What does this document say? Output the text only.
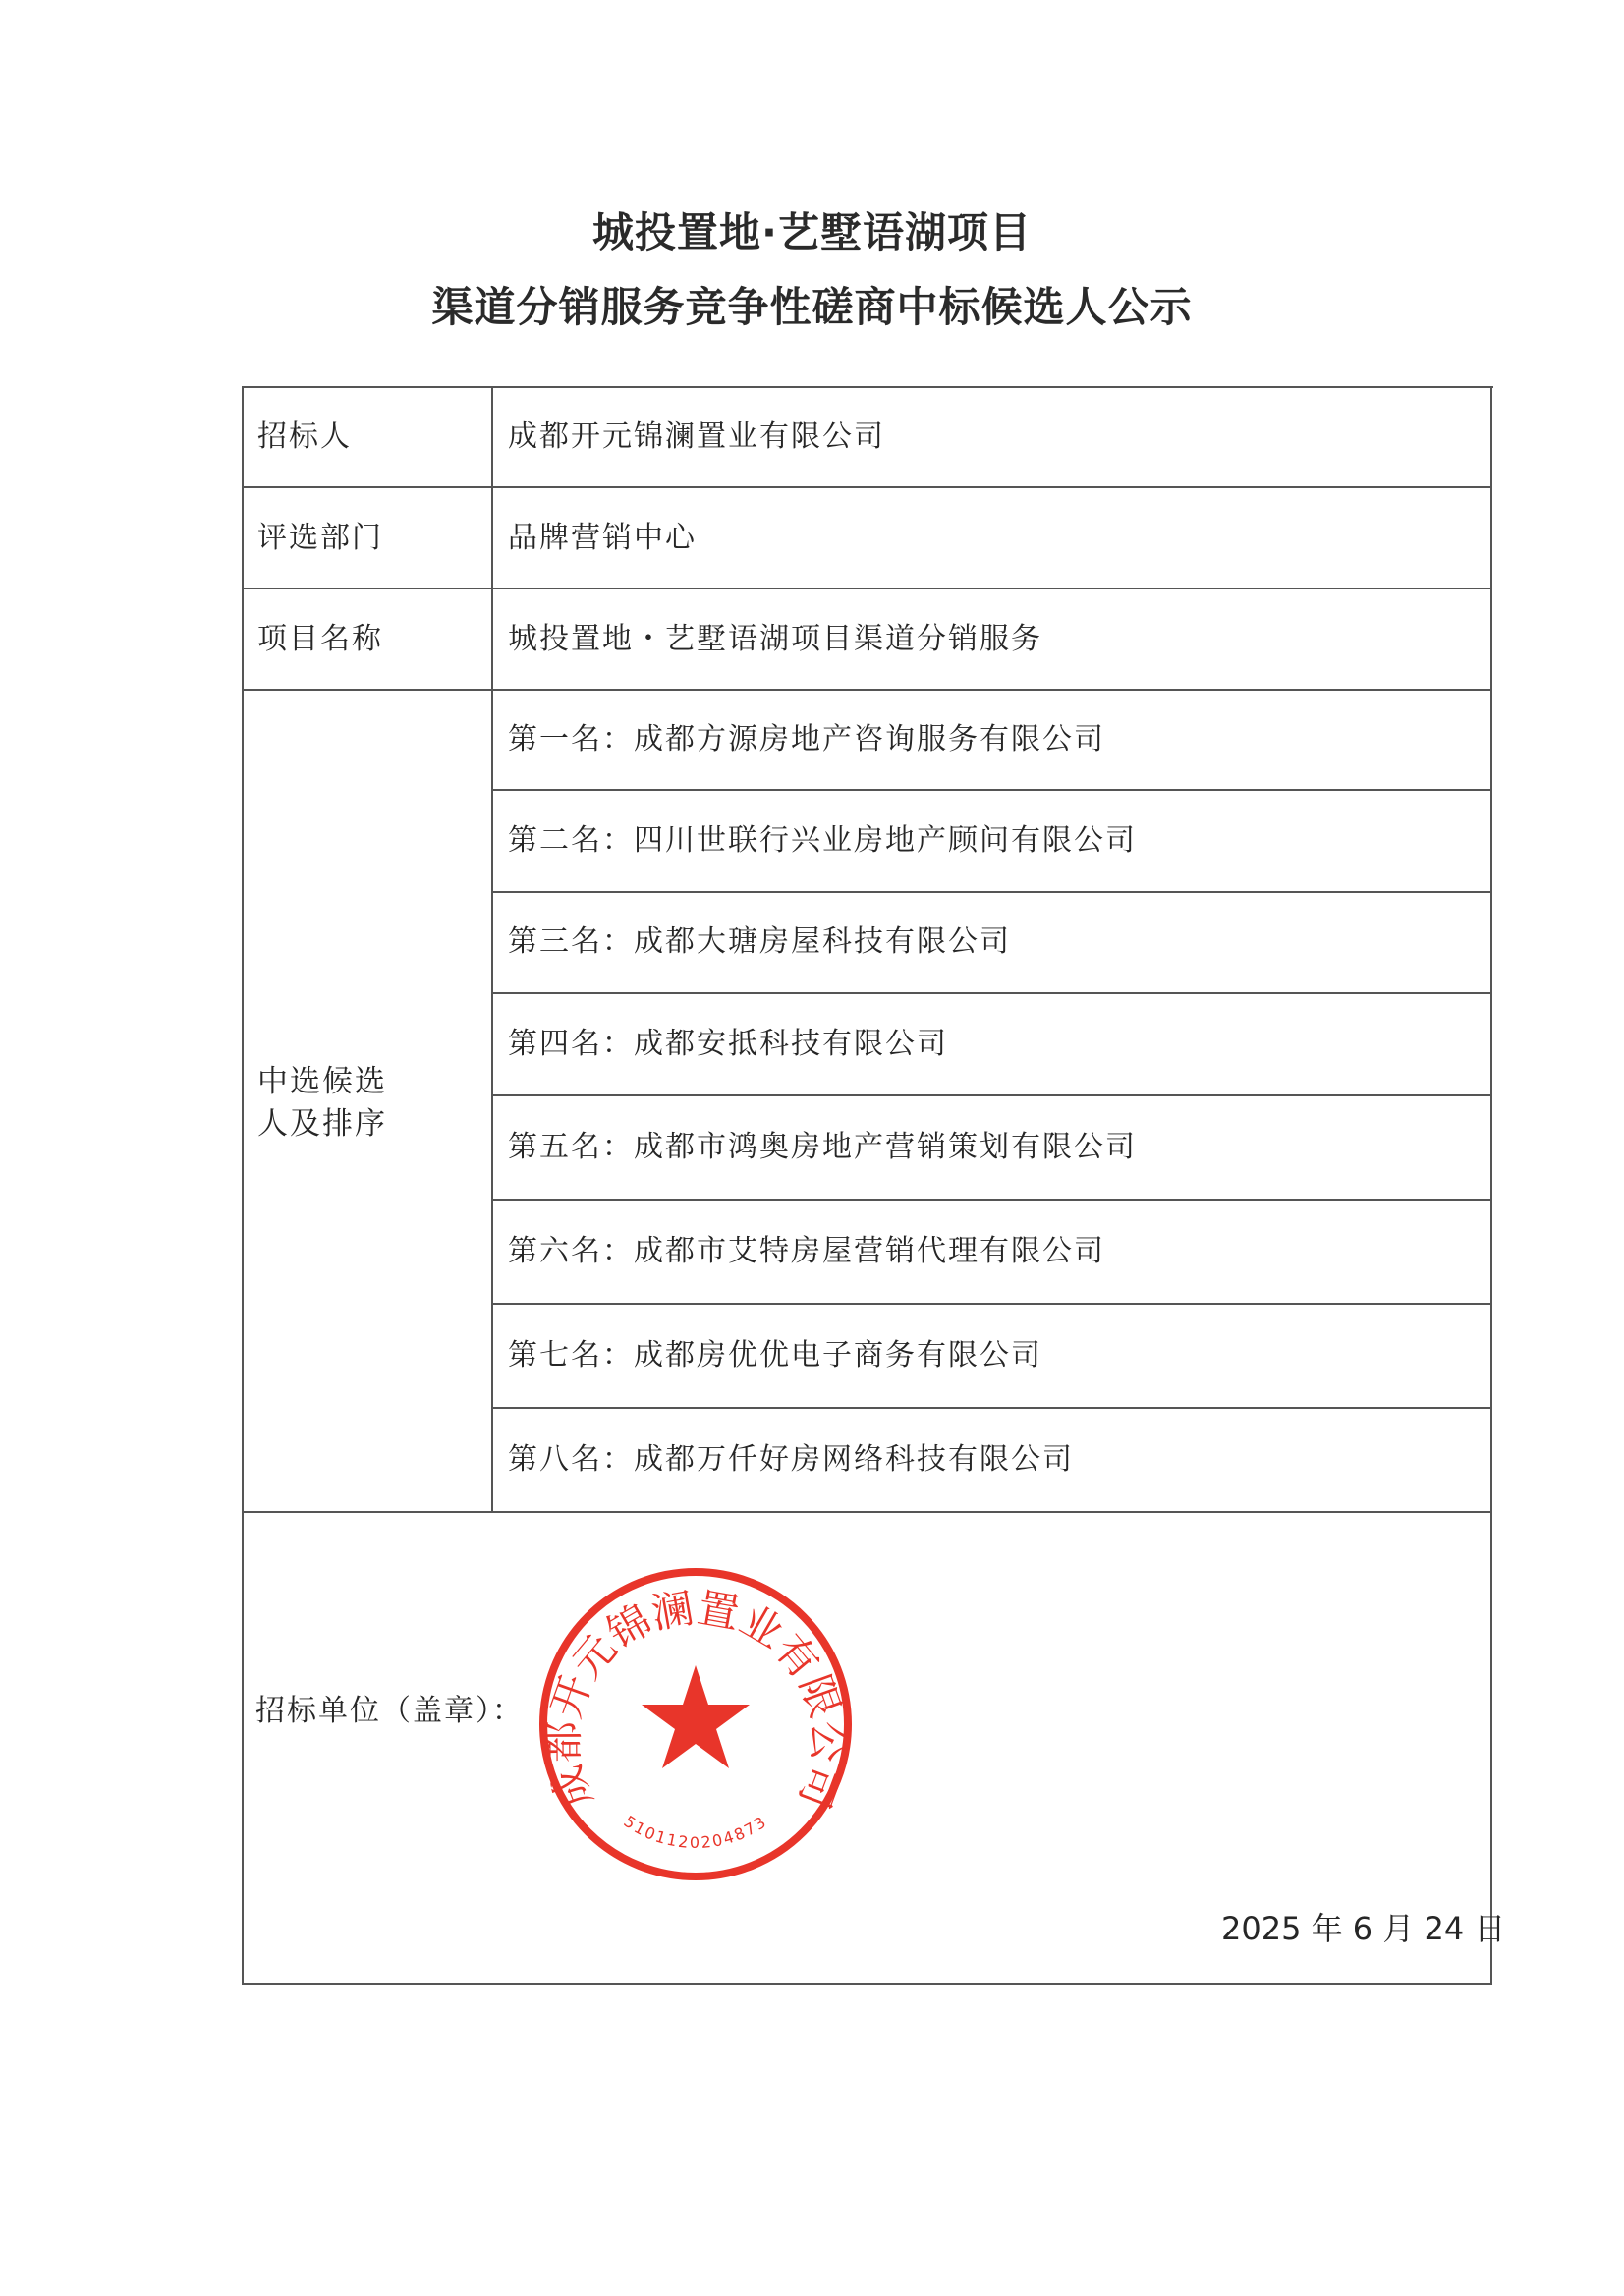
城投置地·艺墅语湖项目
渠道分销服务竞争性磋商中标候选人公示
招标人	成都开元锦澜置业有限公司
评选部门	品牌营销中心
项目名称	城投置地・艺墅语湖项目渠道分销服务
中选候选
人及排序
第一名：成都方源房地产咨询服务有限公司
第二名：四川世联行兴业房地产顾问有限公司
第三名：成都大瑭房屋科技有限公司
第四名：成都安抵科技有限公司
第五名：成都市鸿奥房地产营销策划有限公司
第六名：成都市艾特房屋营销代理有限公司
第七名：成都房优优电子商务有限公司
第八名：成都万仟好房网络科技有限公司
招标单位（盖章）：
成都开元锦澜置业有限公司
5101120204873
2025 年 6 月 24 日
